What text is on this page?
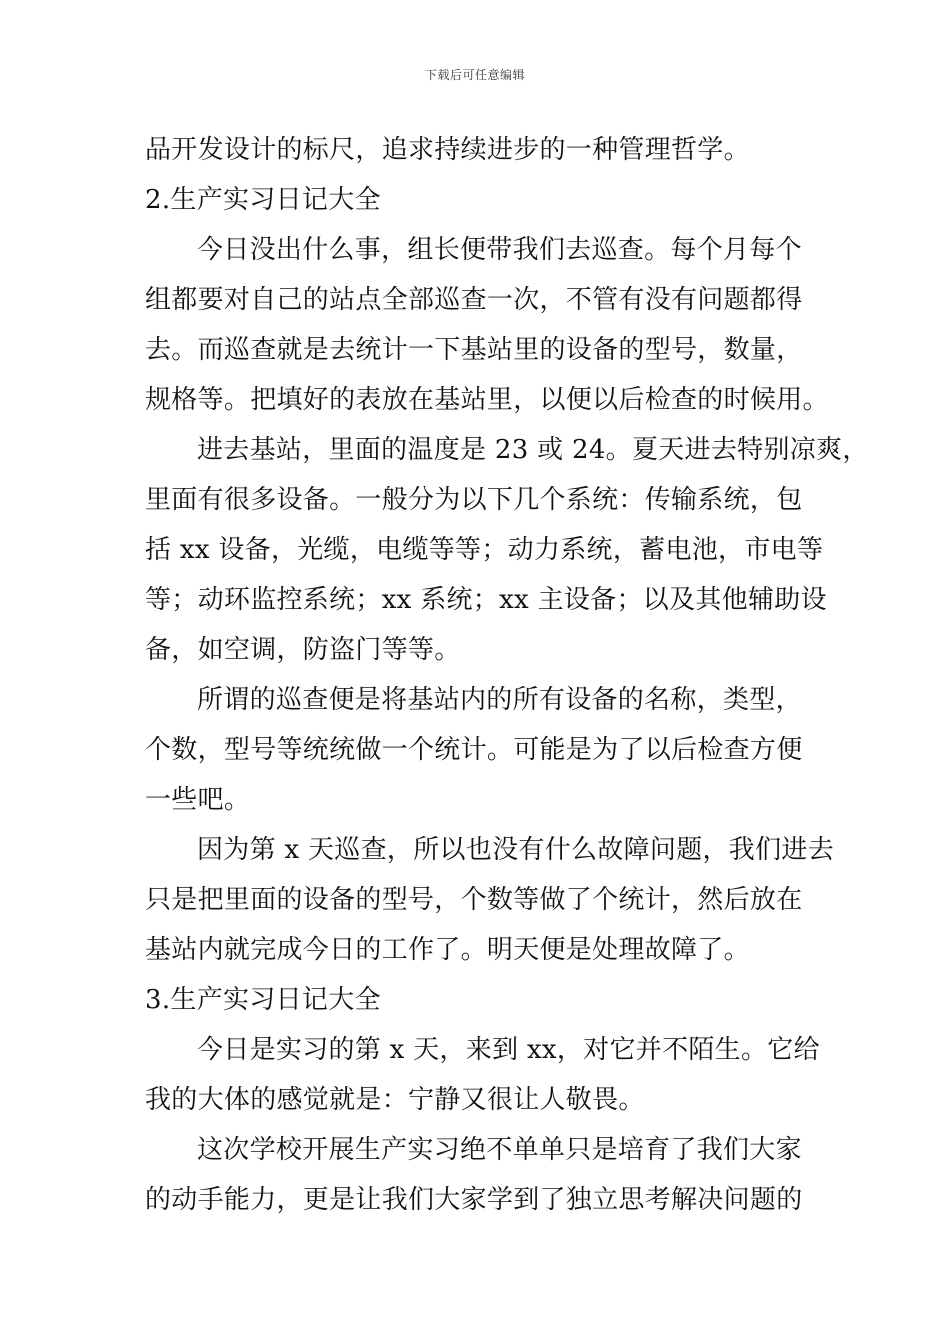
下载后可任意编辑
品开发设计的标尺，追求持续进步的一种管理哲学。
2.生产实习日记大全
今日没出什么事，组长便带我们去巡查。每个月每个
组都要对自己的站点全部巡查一次，不管有没有问题都得
去。而巡查就是去统计一下基站里的设备的型号，数量，
规格等。把填好的表放在基站里，以便以后检查的时候用。
进去基站，里面的温度是 23 或 24。夏天进去特别凉爽，
里面有很多设备。一般分为以下几个系统：传输系统，包
括 xx 设备，光缆，电缆等等；动力系统，蓄电池，市电等
等；动环监控系统；xx 系统；xx 主设备；以及其他辅助设
备，如空调，防盗门等等。
所谓的巡查便是将基站内的所有设备的名称，类型，
个数，型号等统统做一个统计。可能是为了以后检查方便
一些吧。
因为第 x 天巡查，所以也没有什么故障问题，我们进去
只是把里面的设备的型号，个数等做了个统计，然后放在
基站内就完成今日的工作了。明天便是处理故障了。
3.生产实习日记大全
今日是实习的第 x 天，来到 xx，对它并不陌生。它给
我的大体的感觉就是：宁静又很让人敬畏。
这次学校开展生产实习绝不单单只是培育了我们大家
的动手能力，更是让我们大家学到了独立思考解决问题的
